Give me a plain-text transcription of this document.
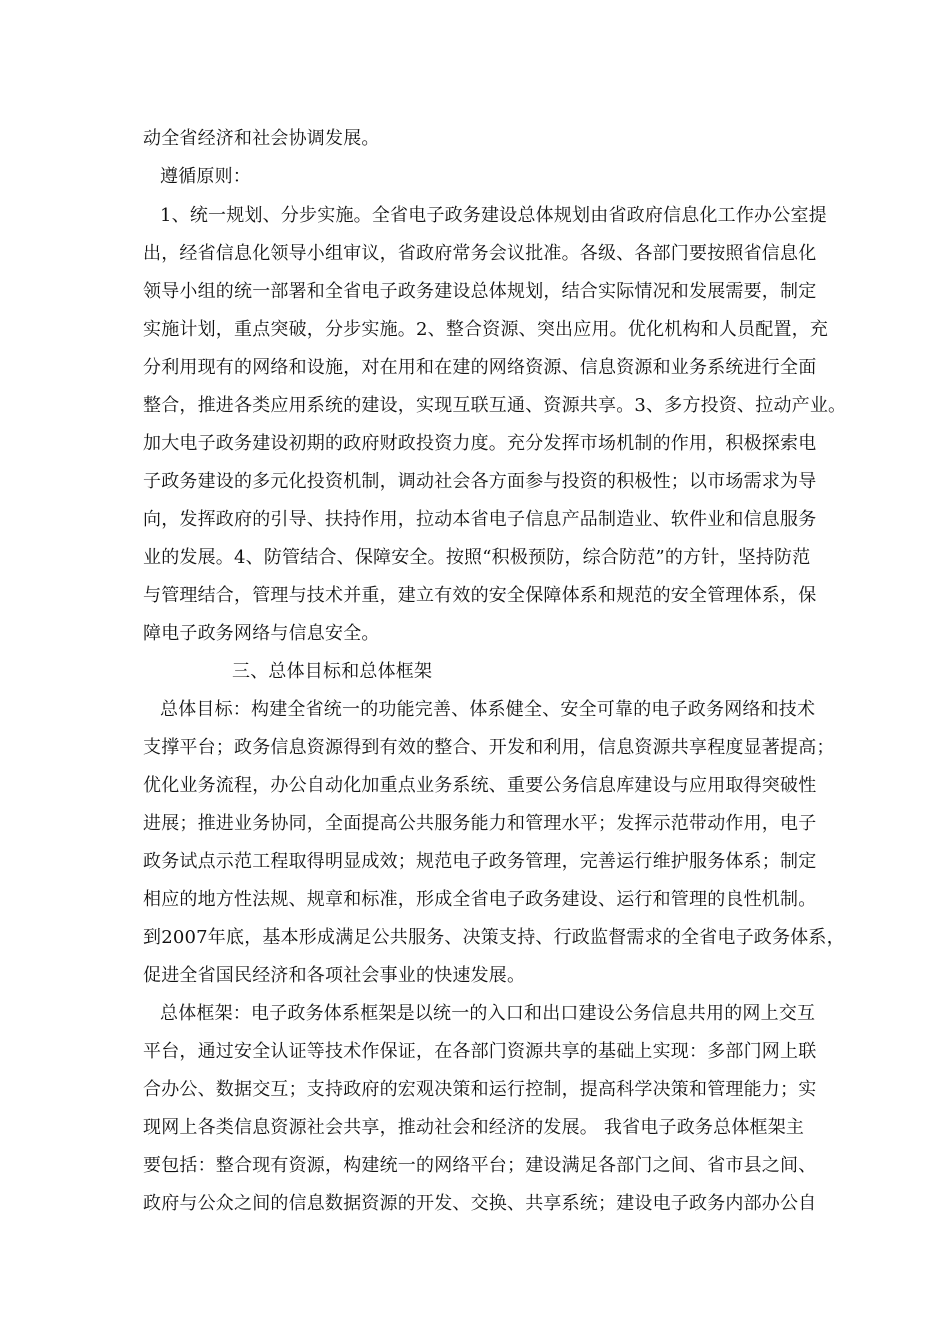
动全省经济和社会协调发展。
遵循原则：
1、统一规划、分步实施。全省电子政务建设总体规划由省政府信息化工作办公室提
出，经省信息化领导小组审议，省政府常务会议批准。各级、各部门要按照省信息化
领导小组的统一部署和全省电子政务建设总体规划，结合实际情况和发展需要，制定
实施计划，重点突破，分步实施。2、整合资源、突出应用。优化机构和人员配置，充
分利用现有的网络和设施，对在用和在建的网络资源、信息资源和业务系统进行全面
整合，推进各类应用系统的建设，实现互联互通、资源共享。3、多方投资、拉动产业。
加大电子政务建设初期的政府财政投资力度。充分发挥市场机制的作用，积极探索电
子政务建设的多元化投资机制，调动社会各方面参与投资的积极性；以市场需求为导
向，发挥政府的引导、扶持作用，拉动本省电子信息产品制造业、软件业和信息服务
业的发展。4、防管结合、保障安全。按照“积极预防，综合防范”的方针，坚持防范
与管理结合，管理与技术并重，建立有效的安全保障体系和规范的安全管理体系，保
障电子政务网络与信息安全。
三、总体目标和总体框架
总体目标：构建全省统一的功能完善、体系健全、安全可靠的电子政务网络和技术
支撑平台；政务信息资源得到有效的整合、开发和利用，信息资源共享程度显著提高；
优化业务流程，办公自动化加重点业务系统、重要公务信息库建设与应用取得突破性
进展；推进业务协同，全面提高公共服务能力和管理水平；发挥示范带动作用，电子
政务试点示范工程取得明显成效；规范电子政务管理，完善运行维护服务体系；制定
相应的地方性法规、规章和标准，形成全省电子政务建设、运行和管理的良性机制。
到2007年底，基本形成满足公共服务、决策支持、行政监督需求的全省电子政务体系，
促进全省国民经济和各项社会事业的快速发展。
总体框架：电子政务体系框架是以统一的入口和出口建设公务信息共用的网上交互
平台，通过安全认证等技术作保证，在各部门资源共享的基础上实现：多部门网上联
合办公、数据交互；支持政府的宏观决策和运行控制，提高科学决策和管理能力；实
现网上各类信息资源社会共享，推动社会和经济的发展。 我省电子政务总体框架主
要包括：整合现有资源，构建统一的网络平台；建设满足各部门之间、省市县之间、
政府与公众之间的信息数据资源的开发、交换、共享系统；建设电子政务内部办公自
